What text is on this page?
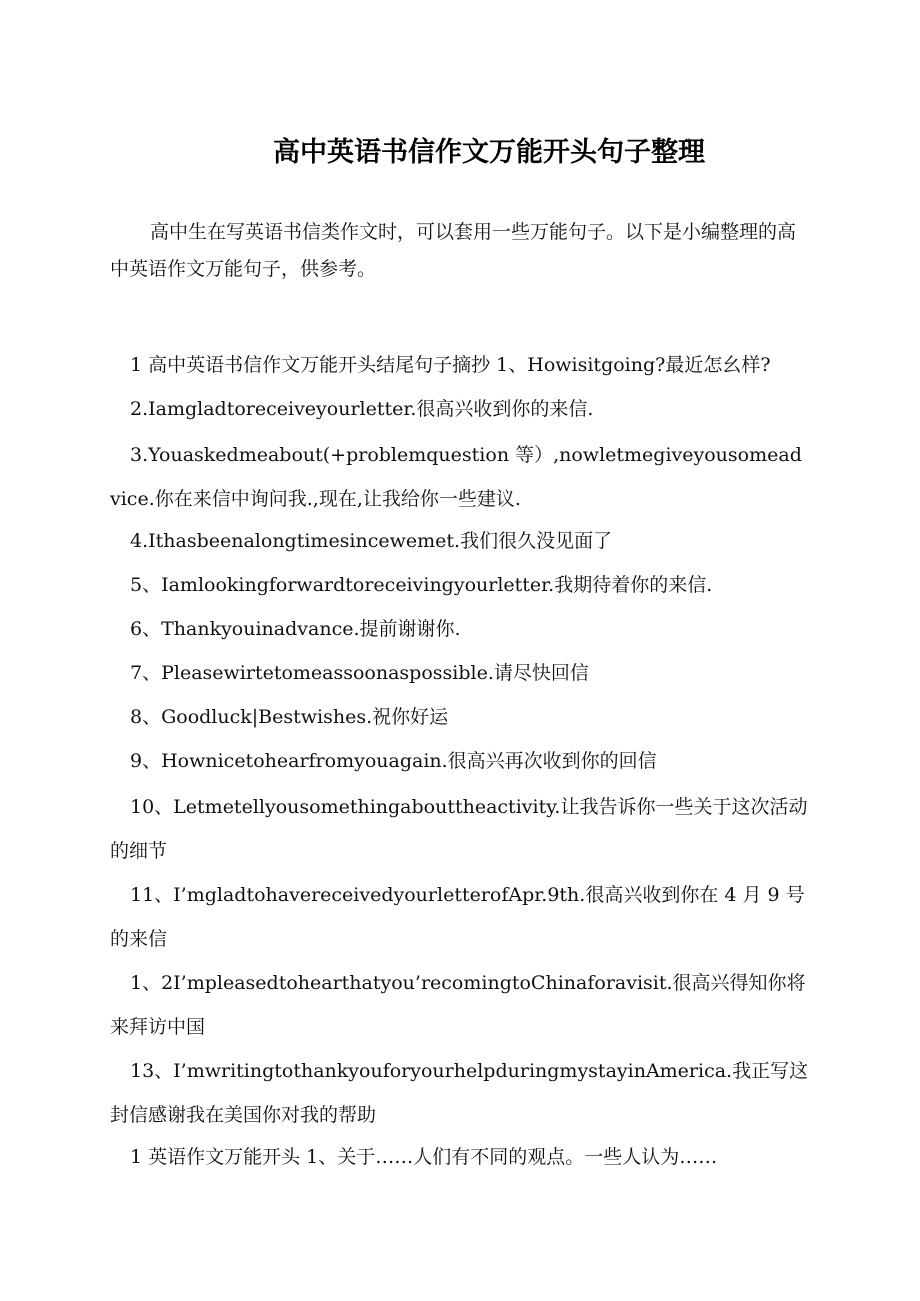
高中英语书信作文万能开头句子整理
高中生在写英语书信类作文时，可以套用一些万能句子。以下是小编整理的高中英语作文万能句子，供参考。
1 高中英语书信作文万能开头结尾句子摘抄 1、Howisitgoing?最近怎幺样?
2.Iamgladtoreceiveyourletter.很高兴收到你的来信.
3.Youaskedmeabout(+problemquestion 等）,nowletmegiveyousomeadvice.你在来信中询问我.,现在,让我给你一些建议.
4.Ithasbeenalongtimesincewemet.我们很久没见面了
5、Iamlookingforwardtoreceivingyourletter.我期待着你的来信.
6、Thankyouinadvance.提前谢谢你.
7、Pleasewirtetomeassoonaspossible.请尽快回信
8、Goodluck|Bestwishes.祝你好运
9、Hownicetohearfromyouagain.很高兴再次收到你的回信
10、Letmetellyousomethingabouttheactivity.让我告诉你一些关于这次活动的细节
11、I’mgladtohavereceivedyourletterofApr.9th.很高兴收到你在 4 月 9 号的来信
1、2I’mpleasedtohearthatyou’recomingtoChinaforavisit.很高兴得知你将来拜访中国
13、I’mwritingtothankyouforyourhelpduringmystayinAmerica.我正写这封信感谢我在美国你对我的帮助
1 英语作文万能开头 1、关于……人们有不同的观点。一些人认为……
